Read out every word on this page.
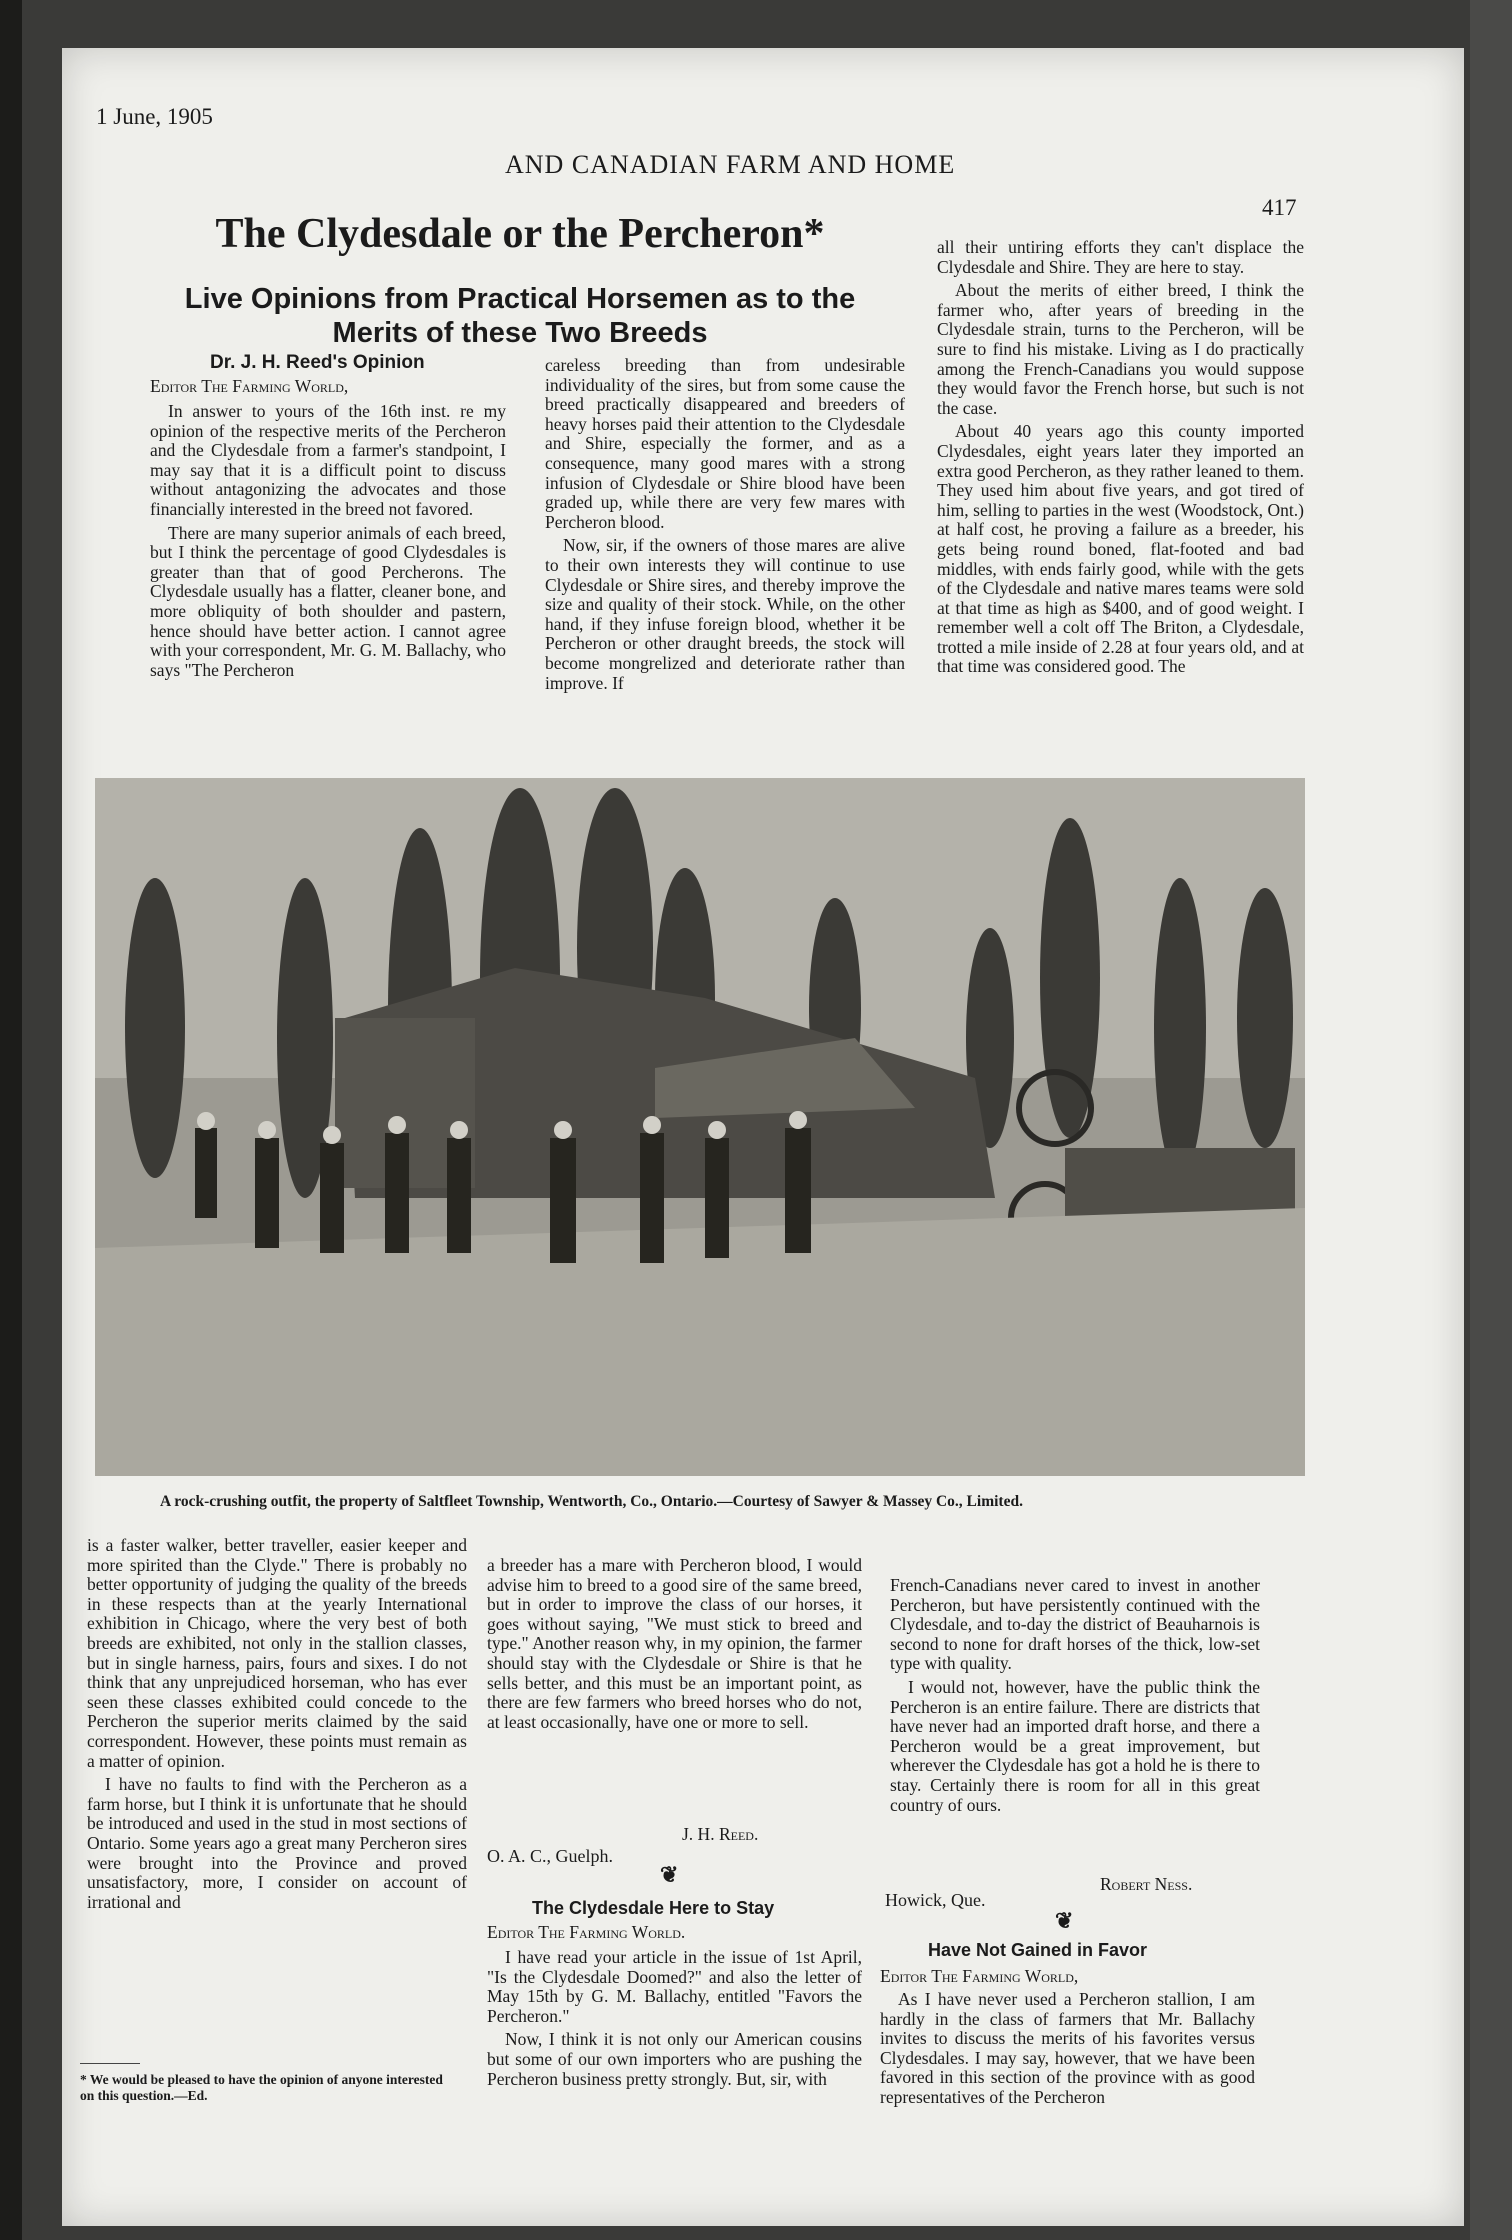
1 June, 1905
AND CANADIAN FARM AND HOME
417
The Clydesdale or the Percheron*
Live Opinions from Practical Horsemen as to the Merits of these Two Breeds
Dr. J. H. Reed's Opinion
Editor The Farming World,

In answer to yours of the 16th inst. re my opinion of the respective merits of the Percheron and the Clydesdale from a farmer's standpoint, I may say that it is a difficult point to discuss without antagonizing the advocates and those financially interested in the breed not favored.

There are many superior animals of each breed, but I think the percentage of good Clydesdales is greater than that of good Percherons. The Clydesdale usually has a flatter, cleaner bone, and more obliquity of both shoulder and pastern, hence should have better action. I cannot agree with your correspondent, Mr. G. M. Ballachy, who says "The Percheron

careless breeding than from undesirable individuality of the sires, but from some cause the breed practically disappeared and breeders of heavy horses paid their attention to the Clydesdale and Shire, especially the former, and as a consequence, many good mares with a strong infusion of Clydesdale or Shire blood have been graded up, while there are very few mares with Percheron blood.

Now, sir, if the owners of those mares are alive to their own interests they will continue to use Clydesdale or Shire sires, and thereby improve the size and quality of their stock. While, on the other hand, if they infuse foreign blood, whether it be Percheron or other draught breeds, the stock will become mongrelized and deteriorate rather than improve. If

all their untiring efforts they can't displace the Clydesdale and Shire. They are here to stay.

About the merits of either breed, I think the farmer who, after years of breeding in the Clydesdale strain, turns to the Percheron, will be sure to find his mistake. Living as I do practically among the French-Canadians you would suppose they would favor the French horse, but such is not the case.

About 40 years ago this county imported Clydesdales, eight years later they imported an extra good Percheron, as they rather leaned to them. They used him about five years, and got tired of him, selling to parties in the west (Woodstock, Ont.) at half cost, he proving a failure as a breeder, his gets being round boned, flat-footed and bad middles, with ends fairly good, while with the gets of the Clydesdale and native mares teams were sold at that time as high as $400, and of good weight. I remember well a colt off The Briton, a Clydesdale, trotted a mile inside of 2.28 at four years old, and at that time was considered good. The

A rock-crushing outfit, the property of Saltfleet Township, Wentworth, Co., Ontario.—Courtesy of Sawyer & Massey Co., Limited.

is a faster walker, better traveller, easier keeper and more spirited than the Clyde." There is probably no better opportunity of judging the quality of the breeds in these respects than at the yearly International exhibition in Chicago, where the very best of both breeds are exhibited, not only in the stallion classes, but in single harness, pairs, fours and sixes. I do not think that any unprejudiced horseman, who has ever seen these classes exhibited could concede to the Percheron the superior merits claimed by the said correspondent. However, these points must remain as a matter of opinion.

I have no faults to find with the Percheron as a farm horse, but I think it is unfortunate that he should be introduced and used in the stud in most sections of Ontario. Some years ago a great many Percheron sires were brought into the Province and proved unsatisfactory, more, I consider on account of irrational and

* We would be pleased to have the opinion of anyone interested on this question.—Ed.

a breeder has a mare with Percheron blood, I would advise him to breed to a good sire of the same breed, but in order to improve the class of our horses, it goes without saying, "We must stick to breed and type." Another reason why, in my opinion, the farmer should stay with the Clydesdale or Shire is that he sells better, and this must be an important point, as there are few farmers who breed horses who do not, at least occasionally, have one or more to sell.

J. H. Reed.
O. A. C., Guelph.
❦
The Clydesdale Here to Stay
Editor The Farming World.

I have read your article in the issue of 1st April, "Is the Clydesdale Doomed?" and also the letter of May 15th by G. M. Ballachy, entitled "Favors the Percheron."

Now, I think it is not only our American cousins but some of our own importers who are pushing the Percheron business pretty strongly. But, sir, with

French-Canadians never cared to invest in another Percheron, but have persistently continued with the Clydesdale, and to-day the district of Beauharnois is second to none for draft horses of the thick, low-set type with quality.

I would not, however, have the public think the Percheron is an entire failure. There are districts that have never had an imported draft horse, and there a Percheron would be a great improvement, but wherever the Clydesdale has got a hold he is there to stay. Certainly there is room for all in this great country of ours.

Robert Ness.
Howick, Que.
❦
Have Not Gained in Favor
Editor The Farming World,

As I have never used a Percheron stallion, I am hardly in the class of farmers that Mr. Ballachy invites to discuss the merits of his favorites versus Clydesdales. I may say, however, that we have been favored in this section of the province with as good representatives of the Percheron
